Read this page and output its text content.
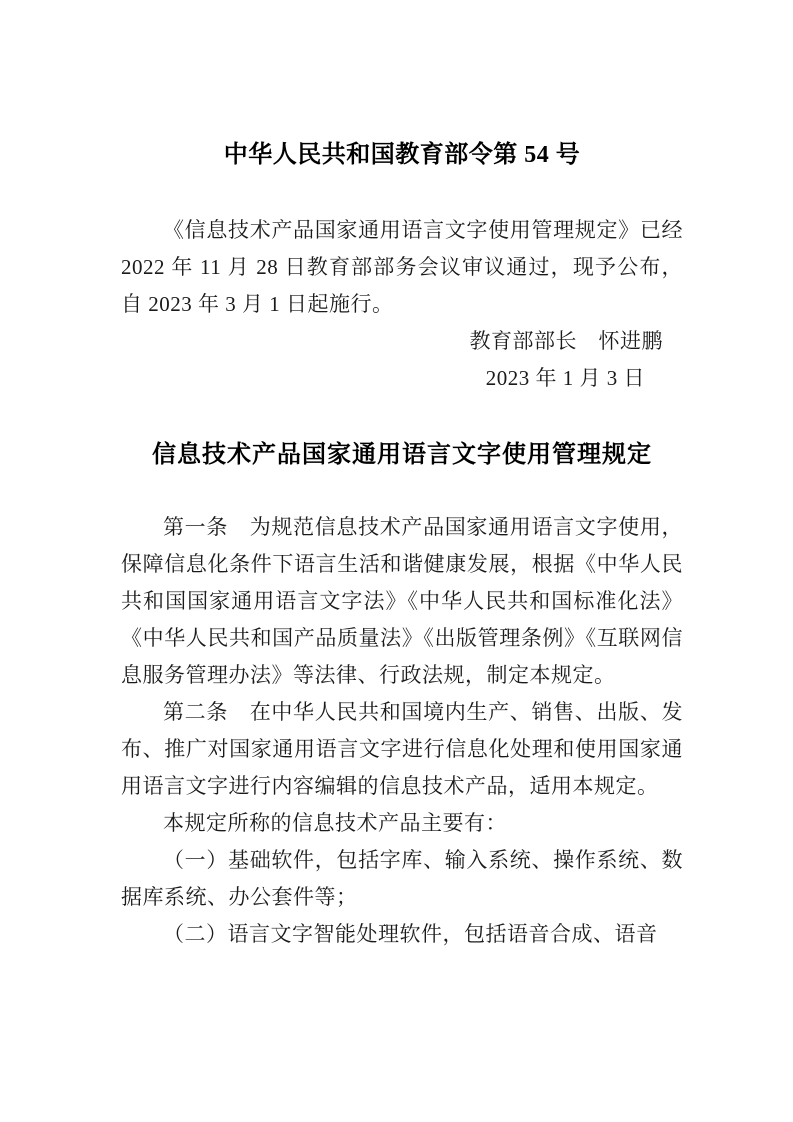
中华人民共和国教育部令第 54 号

《信息技术产品国家通用语言文字使用管理规定》已经 2022 年 11 月 28 日教育部部务会议审议通过，现予公布，自 2023 年 3 月 1 日起施行。

教育部部长　怀进鹏
2023 年 1 月 3 日
信息技术产品国家通用语言文字使用管理规定

第一条　为规范信息技术产品国家通用语言文字使用，保障信息化条件下语言生活和谐健康发展，根据《中华人民共和国国家通用语言文字法》《中华人民共和国标准化法》《中华人民共和国产品质量法》《出版管理条例》《互联网信息服务管理办法》等法律、行政法规，制定本规定。

第二条　在中华人民共和国境内生产、销售、出版、发布、推广对国家通用语言文字进行信息化处理和使用国家通用语言文字进行内容编辑的信息技术产品，适用本规定。

本规定所称的信息技术产品主要有：

（一）基础软件，包括字库、输入系统、操作系统、数据库系统、办公套件等；

（二）语言文字智能处理软件，包括语音合成、语音
